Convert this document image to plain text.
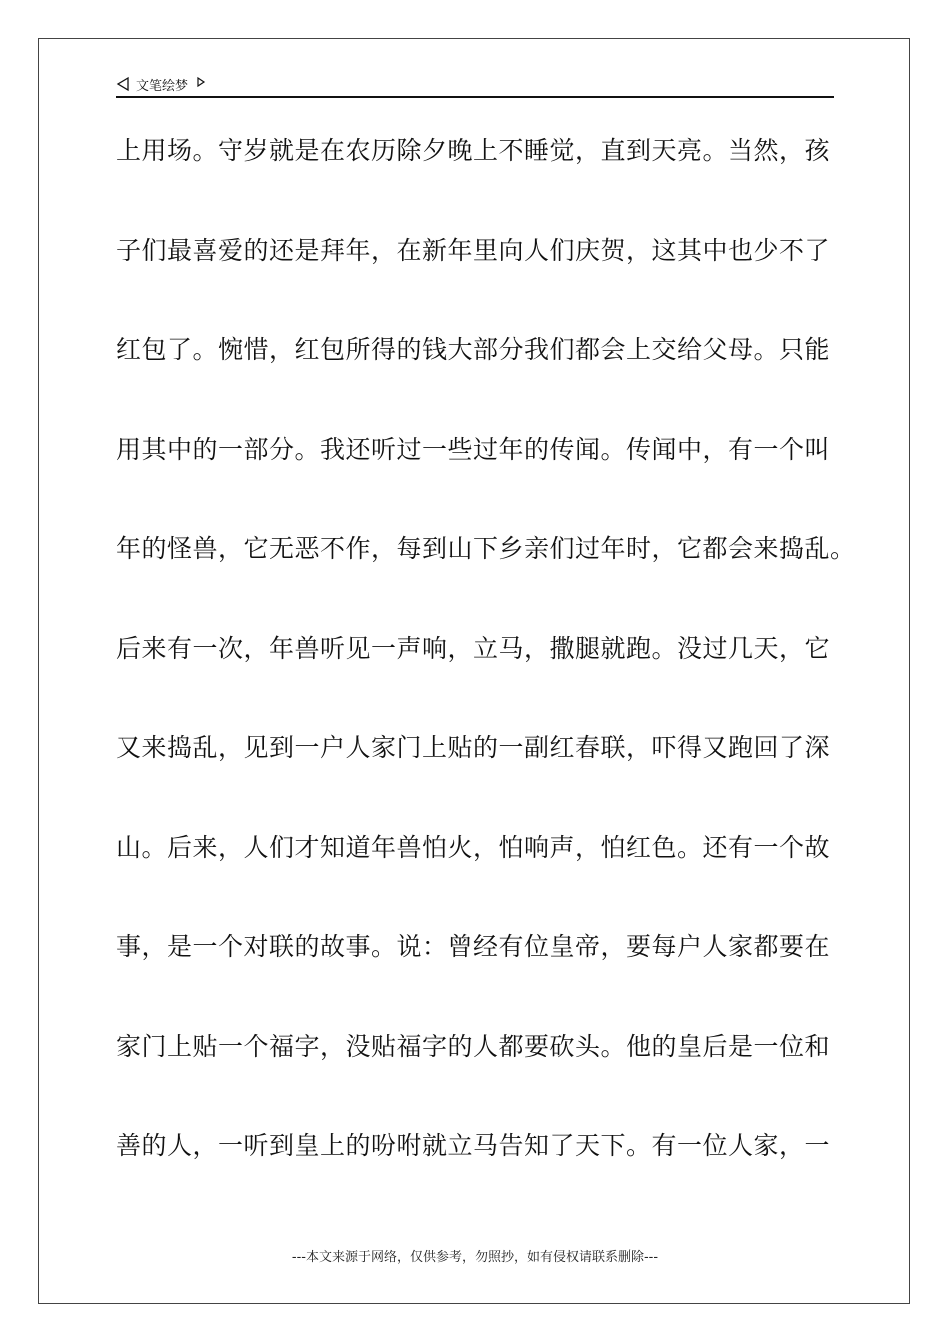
文笔绘梦
上用场。守岁就是在农历除夕晚上不睡觉，直到天亮。当然，孩
子们最喜爱的还是拜年，在新年里向人们庆贺，这其中也少不了
红包了。惋惜，红包所得的钱大部分我们都会上交给父母。只能
用其中的一部分。我还听过一些过年的传闻。传闻中，有一个叫
年的怪兽，它无恶不作，每到山下乡亲们过年时，它都会来捣乱。
后来有一次，年兽听见一声响，立马，撒腿就跑。没过几天，它
又来捣乱，见到一户人家门上贴的一副红春联，吓得又跑回了深
山。后来，人们才知道年兽怕火，怕响声，怕红色。还有一个故
事，是一个对联的故事。说：曾经有位皇帝，要每户人家都要在
家门上贴一个福字，没贴福字的人都要砍头。他的皇后是一位和
善的人，一听到皇上的吩咐就立马告知了天下。有一位人家，一
---本文来源于网络，仅供参考，勿照抄，如有侵权请联系删除---
